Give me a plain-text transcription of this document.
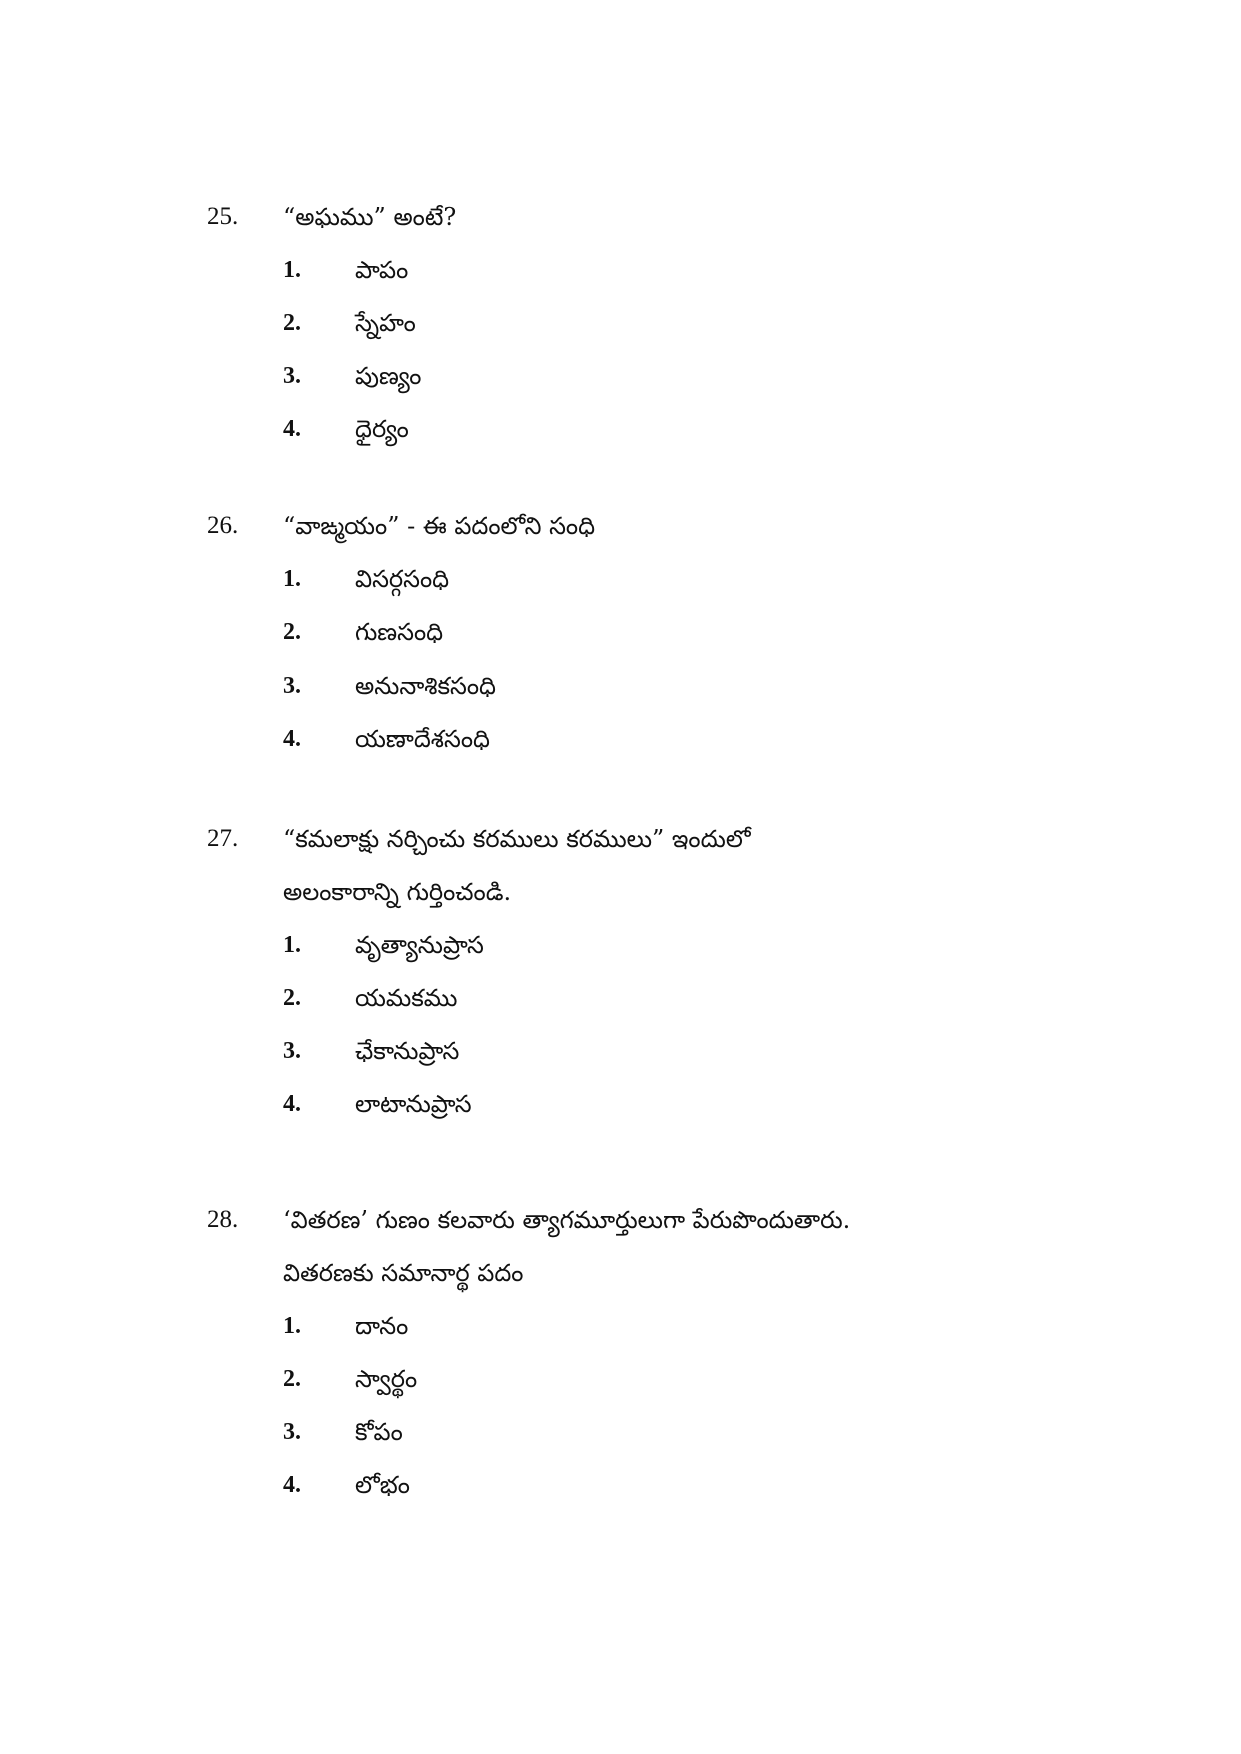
25. “అఘము” అంటే?
1. పాపం
2. స్నేహం
3. పుణ్యం
4. ధైర్యం
26. “వాఙ్మయం” - ఈ పదంలోని సంధి
1. విసర్గసంధి
2. గుణసంధి
3. అనునాశికసంధి
4. యణాదేశసంధి
27. “కమలాక్షు నర్చించు కరములు కరములు” ఇందులో
అలంకారాన్ని గుర్తించండి.
1. వృత్యానుప్రాస
2. యమకము
3. ఛేకానుప్రాస
4. లాటానుప్రాస
28. ‘వితరణ’ గుణం కలవారు త్యాగమూర్తులుగా పేరుపొందుతారు.
వితరణకు సమానార్థ పదం
1. దానం
2. స్వార్థం
3. కోపం
4. లోభం
